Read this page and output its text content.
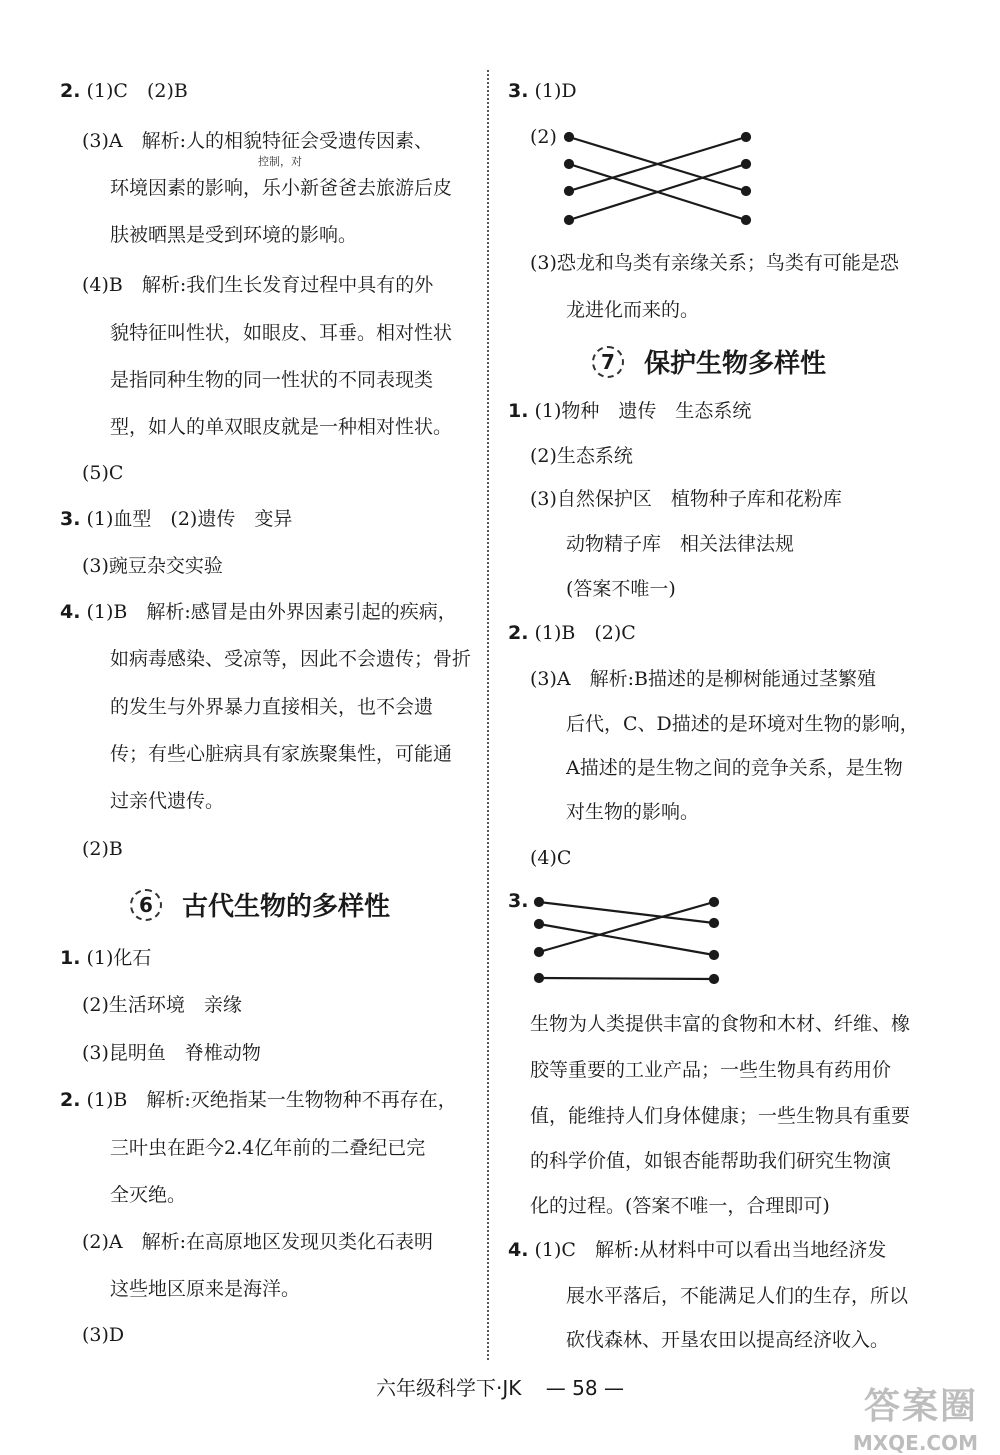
2. (1)C　(2)B
(3)A　解析:人的相貌特征会受遗传因素、
控制，对
环境因素的影响，乐小新爸爸去旅游后皮
肤被晒黑是受到环境的影响。
(4)B　解析:我们生长发育过程中具有的外
貌特征叫性状，如眼皮、耳垂。相对性状
是指同种生物的同一性状的不同表现类
型，如人的单双眼皮就是一种相对性状。
(5)C
3. (1)血型　(2)遗传　变异
(3)豌豆杂交实验
4. (1)B　解析:感冒是由外界因素引起的疾病，
如病毒感染、受凉等，因此不会遗传；骨折
的发生与外界暴力直接相关，也不会遗
传；有些心脏病具有家族聚集性，可能通
过亲代遗传。
(2)B
6	古代生物的多样性
1. (1)化石
(2)生活环境　亲缘
(3)昆明鱼　脊椎动物
2. (1)B　解析:灭绝指某一生物物种不再存在，
三叶虫在距今2.4亿年前的二叠纪已完
全灭绝。
(2)A　解析:在高原地区发现贝类化石表明
这些地区原来是海洋。
(3)D
3. (1)D
(2)
(3)恐龙和鸟类有亲缘关系；鸟类有可能是恐
龙进化而来的。
7	保护生物多样性
1. (1)物种　遗传　生态系统
(2)生态系统
(3)自然保护区　植物种子库和花粉库
动物精子库　相关法律法规
(答案不唯一)
2. (1)B　(2)C
(3)A　解析:B描述的是柳树能通过茎繁殖
后代，C、D描述的是环境对生物的影响，
A描述的是生物之间的竞争关系，是生物
对生物的影响。
(4)C
3.
生物为人类提供丰富的食物和木材、纤维、橡
胶等重要的工业产品；一些生物具有药用价
值，能维持人们身体健康；一些生物具有重要
的科学价值，如银杏能帮助我们研究生物演
化的过程。(答案不唯一，合理即可)
4. (1)C　解析:从材料中可以看出当地经济发
展水平落后，不能满足人们的生存，所以
砍伐森林、开垦农田以提高经济收入。
六年级科学下·JK — 58 —	答案圈
MXQE.COM
